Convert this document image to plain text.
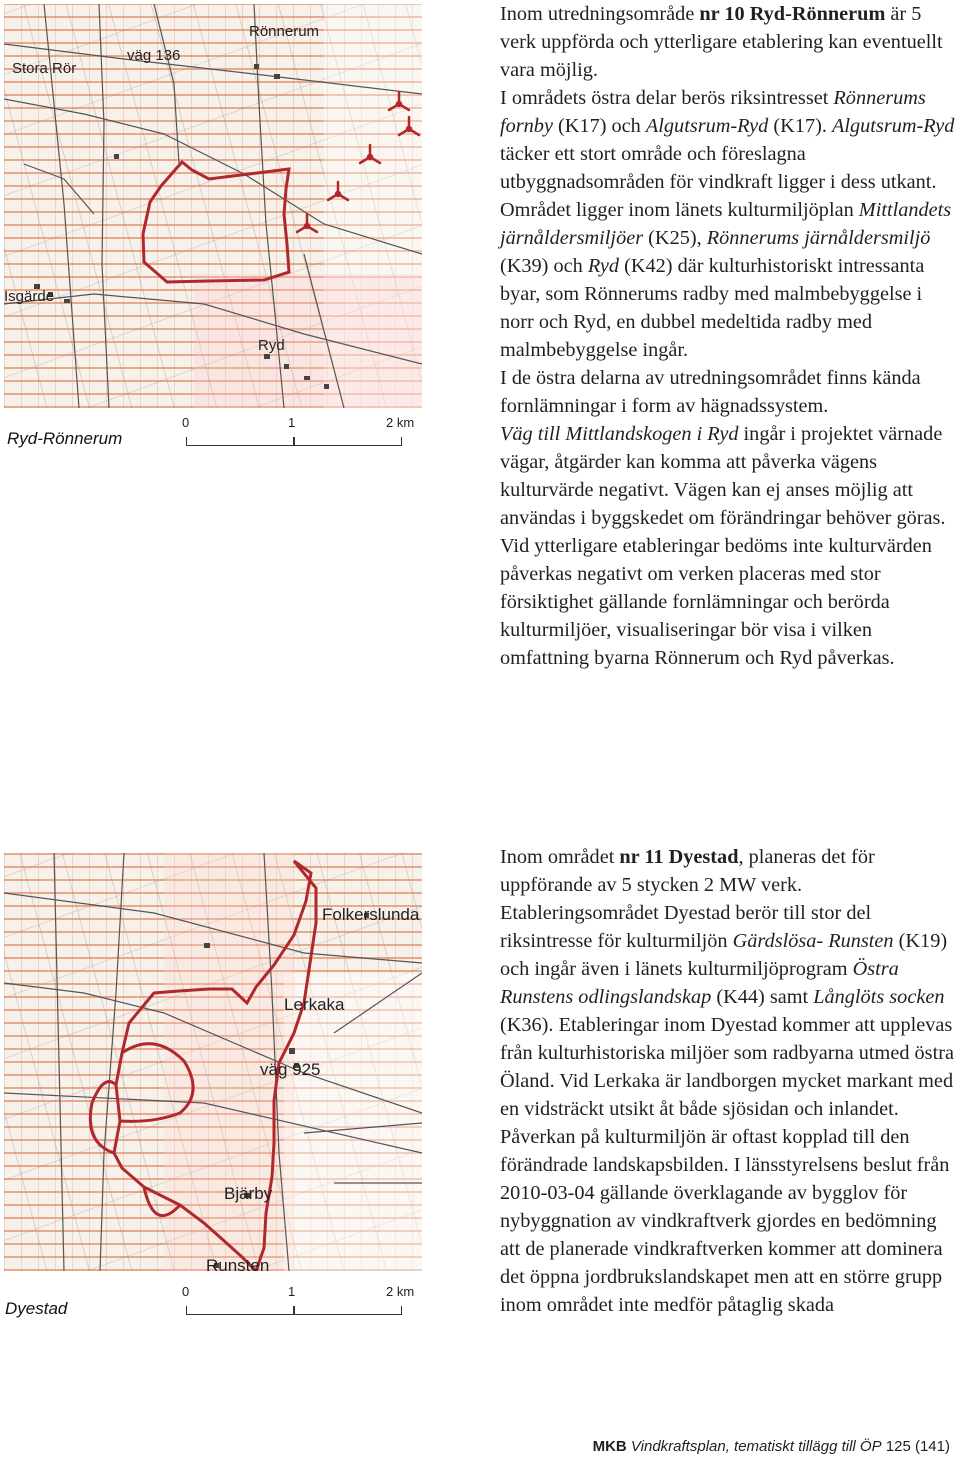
Stora Rör
väg 136
Rönnerum
Isgärde
Ryd
Ryd-Rönnerum
0	1	2 km

Inom utredningsområde nr 10 Ryd-Rönnerum är 5 verk uppförda och ytterligare etablering kan eventuellt vara möjlig.

I områdets östra delar berös riksintresset Rönnerums fornby (K17) och Algutsrum-Ryd (K17). Algutsrum-Ryd täcker ett stort område och föreslagna utbyggnadsområden för vindkraft ligger i dess utkant.

Området ligger inom länets kulturmiljöplan Mittlandets järnåldersmiljöer (K25), Rönnerums järnåldersmiljö (K39) och Ryd (K42) där kulturhistoriskt intressanta byar, som Rönnerums radby med malmbebyggelse i norr och Ryd, en dubbel medeltida radby med malmbebyggelse ingår.

I de östra delarna av utredningsområdet finns kända fornlämningar i form av hägnadssystem.

Väg till Mittlandskogen i Ryd ingår i projektet värnade vägar, åtgärder kan komma att påverka vägens kulturvärde negativt. Vägen kan ej anses möjlig att användas i byggskedet om förändringar behöver göras.

Vid ytterligare etableringar bedöms inte kulturvärden påverkas negativt om verken placeras med stor försiktighet gällande fornlämningar och berörda kulturmiljöer, visualiseringar bör visa i vilken omfattning byarna Rönnerum och Ryd påverkas.

Folkerslunda
Lerkaka
väg 925
Bjärby
Runsten
Dyestad
0	1	2 km

Inom området nr 11 Dyestad, planeras det för uppförande av 5 stycken 2 MW verk. Etableringsområdet Dyestad berör till stor del riksintresse för kulturmiljön Gärdslösa- Runsten (K19) och ingår även i länets kulturmiljöprogram Östra Runstens odlingslandskap (K44) samt Långlöts socken (K36). Etableringar inom Dyestad kommer att upplevas från kulturhistoriska miljöer som radbyarna utmed östra Öland. Vid Lerkaka är landborgen mycket markant med en vidsträckt utsikt åt både sjösidan och inlandet. Påverkan på kulturmiljön är oftast kopplad till den förändrade landskapsbilden. I länsstyrelsens beslut från 2010-03-04 gällande överklagande av bygglov för nybyggnation av vindkraftverk gjordes en bedömning att de planerade vindkraftverken kommer att dominera det öppna jordbrukslandskapet men att en större grupp inom området inte medför påtaglig skada

MKB Vindkraftsplan, tematiskt tillägg till ÖP 125 (141)
